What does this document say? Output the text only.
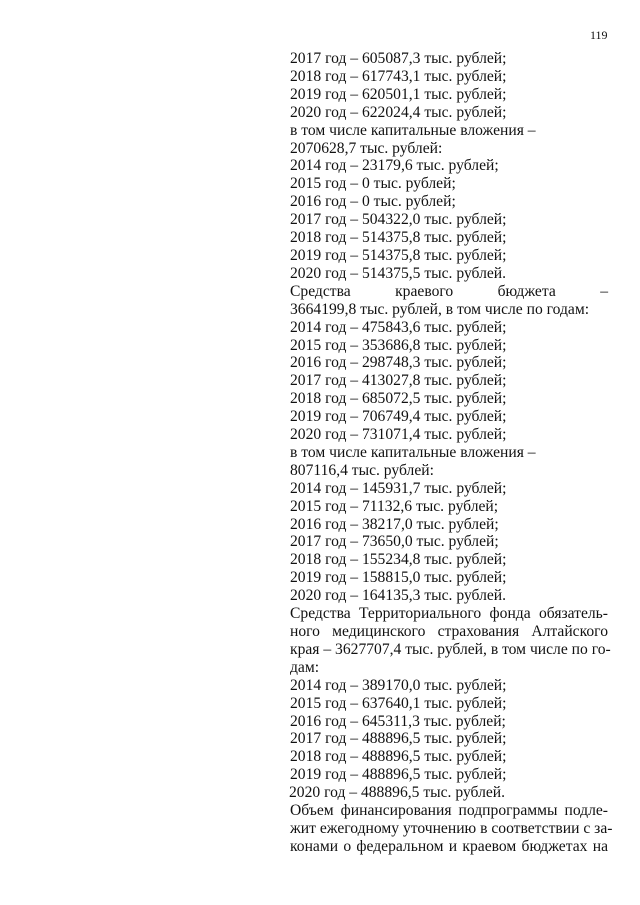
119
2017 год – 605087,3 тыс. рублей;
2018 год – 617743,1 тыс. рублей;
2019 год – 620501,1 тыс. рублей;
2020 год – 622024,4 тыс. рублей;
в том числе капитальные вложения –
2070628,7 тыс. рублей:
2014 год – 23179,6 тыс. рублей;
2015 год – 0 тыс. рублей;
2016 год – 0 тыс. рублей;
2017 год – 504322,0 тыс. рублей;
2018 год – 514375,8 тыс. рублей;
2019 год – 514375,8 тыс. рублей;
2020 год – 514375,5 тыс. рублей.
Средства краевого бюджета –
3664199,8 тыс. рублей, в том числе по годам:
2014 год – 475843,6 тыс. рублей;
2015 год – 353686,8 тыс. рублей;
2016 год – 298748,3 тыс. рублей;
2017 год – 413027,8 тыс. рублей;
2018 год – 685072,5 тыс. рублей;
2019 год – 706749,4 тыс. рублей;
2020 год – 731071,4 тыс. рублей;
в том числе капитальные вложения –
807116,4 тыс. рублей:
2014 год – 145931,7 тыс. рублей;
2015 год – 71132,6 тыс. рублей;
2016 год – 38217,0 тыс. рублей;
2017 год – 73650,0 тыс. рублей;
2018 год – 155234,8 тыс. рублей;
2019 год – 158815,0 тыс. рублей;
2020 год – 164135,3 тыс. рублей.
Средства Территориального фонда обязатель-
ного медицинского страхования Алтайского
края – 3627707,4 тыс. рублей, в том числе по го-
дам:
2014 год – 389170,0 тыс. рублей;
2015 год – 637640,1 тыс. рублей;
2016 год – 645311,3 тыс. рублей;
2017 год – 488896,5 тыс. рублей;
2018 год – 488896,5 тыс. рублей;
2019 год – 488896,5 тыс. рублей;
2020 год – 488896,5 тыс. рублей.
Объем финансирования подпрограммы подле-
жит ежегодному уточнению в соответствии с за-
конами о федеральном и краевом бюджетах на
